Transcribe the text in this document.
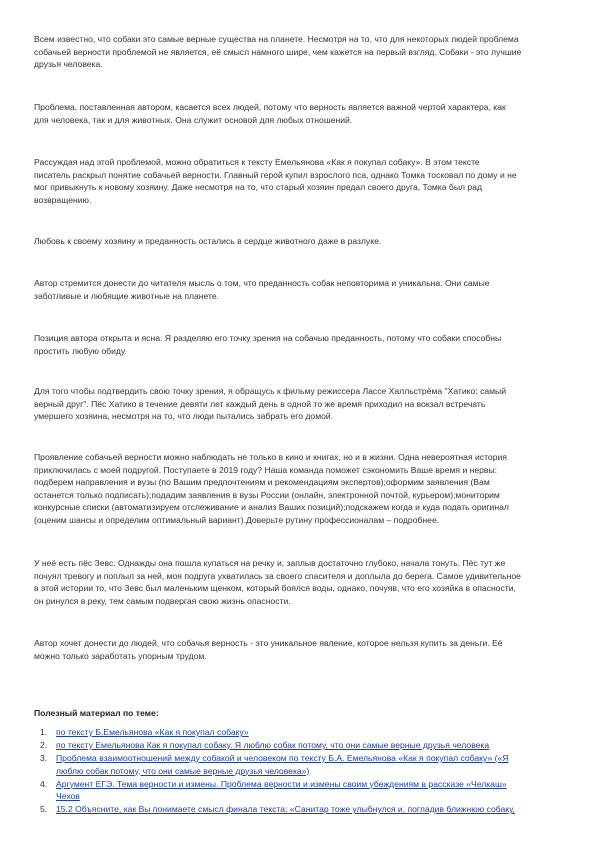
Всем известно, что собаки это самые верные существа на планете. Несмотря на то, что для некоторых людей проблема
собачьей верности проблемой не является, её смысл намного шире, чем кажется на первый взгляд. Собаки - это лучшие
друзья человека.

Проблема, поставленная автором, касается всех людей, потому что верность является важной чертой характера, как
для человека, так и для животных. Она служит основой для любых отношений.

Рассуждая над этой проблемой, можно обратиться к тексту Емельянова «Как я покупал собаку». В этом тексте
писатель раскрыл понятие собачьей верности. Главный герой купил взрослого пса, однако Томка тосковал по дому и не
мог привыкнуть к новому хозяину. Даже несмотря на то, что старый хозяин предал своего друга, Томка был рад
возвращению.

Любовь к своему хозяину и преданность остались в сердце животного даже в разлуке.

Автор стремится донести до читателя мысль о том, что преданность собак неповторима и уникальна. Они самые
заботливые и любящие животные на планете.

Позиция автора открыта и ясна. Я разделяю его точку зрения на собачью преданность, потому что собаки способны
простить любую обиду.

Для того чтобы подтвердить свою точку зрения, я обращусь к фильму режиссера Лассе Халльстрёма "Хатико: самый
верный друг". Пёс Хатико в течение девяти лет каждый день в одной то же время приходил на вокзал встречать
умершего хозяина, несмотря на то, что люди пытались забрать его домой.

Проявление собачьей верности можно наблюдать не только в кино и книгах, но и в жизни. Одна невероятная история
приключилась с моей подругой. Поступаете в 2019 году? Наша команда поможет сэкономить Ваше время и нервы:
подберем направления и вузы (по Вашим предпочтениям и рекомендациям экспертов);оформим заявления (Вам
останется только подписать);подадим заявления в вузы России (онлайн, электронной почтой, курьером);мониторим
конкурсные списки (автоматизируем отслеживание и анализ Ваших позиций);подскажем когда и куда подать оригинал
(оценим шансы и определим оптимальный вариант).Доверьте рутину профессионалам – подробнее.

У неё есть пёс Зевс. Однажды она пошла купаться на речку и, заплыв достаточно глубоко, начала тонуть. Пёс тут же
почуял тревогу и поплыл за ней, моя подруга ухватилась за своего спасителя и доплыла до берега. Самое удивительное
в этой истории то, что Зевс был маленьким щенком, который боялся воды, однако, почуяв, что его хозяйка в опасности,
он ринулся в реку, тем самым подвергая свою жизнь опасности.

Автор хочет донести до людей, что собачья верность - это уникальное явление, которое нельзя купить за деньги. Её
можно только заработать упорным трудом.

Полезный материал по теме:

1. по тексту Б.Емельянова «Как я покупал собаку»
2. по тексту Емельянова Как я покупал собаку. Я люблю собак потому, что они самые верные друзья человека
3. Проблема взаимоотношений между собакой и человеком по тексту Б.А. Емельянова «Как я покупал собаку» («Я
люблю собак потому, что они самые верные друзья человека»)
4. Аргумент ЕГЭ. Тема верности и измены. Проблема верности и измены своим убеждениям в рассказе «Челкаш»
Чехов
5. 15.2 Объясните, как Вы понимаете смысл финала текста: «Санитар тоже улыбнулся и, погладив ближнюю собаку,
